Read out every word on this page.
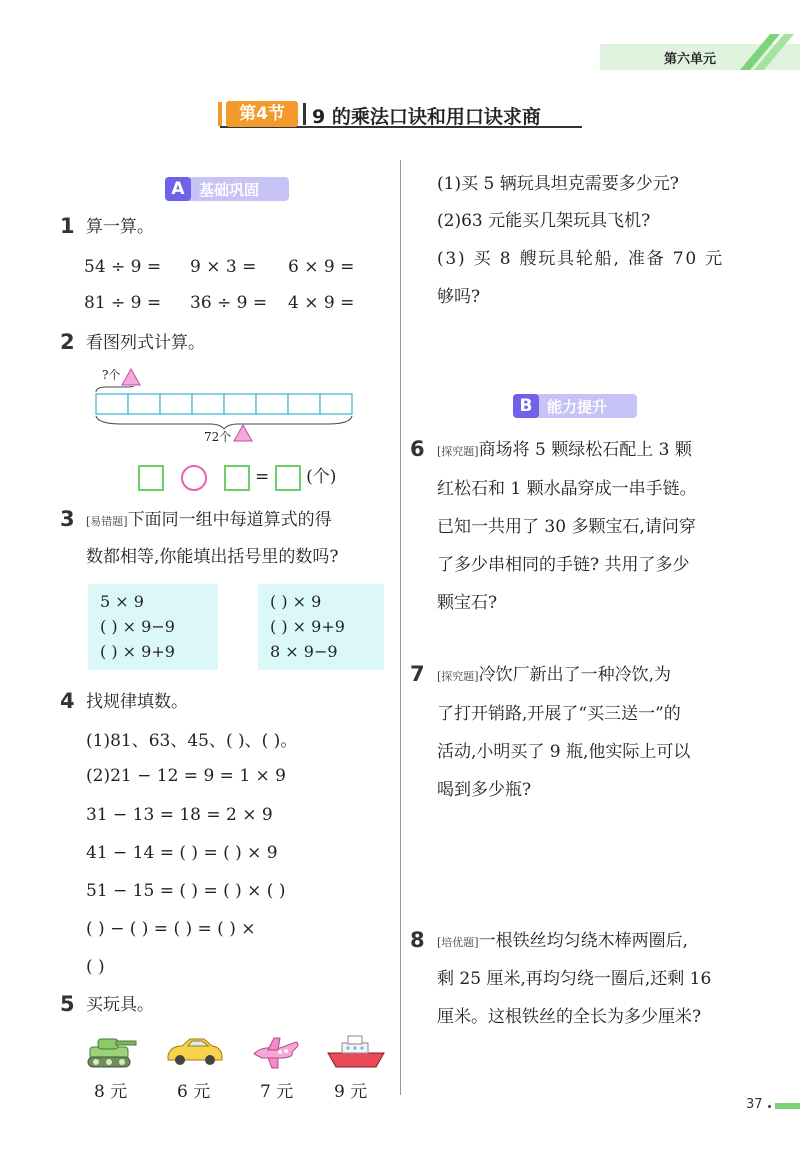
第六单元
第4节	9 的乘法口诀和用口诀求商
A 基础巩固
1 算一算。
54 ÷ 9 = 9 × 3 = 6 × 9 =
81 ÷ 9 = 36 ÷ 9 = 4 × 9 =
2 看图列式计算。
?个
72个
=  (个)
3 [易错题]下面同一组中每道算式的得
数都相等,你能填出括号里的数吗?
5 × 9
( ) × 9−9
( ) × 9+9
( ) × 9
( ) × 9+9
8 × 9−9
4 找规律填数。
(1)81、63、45、( )、( )。
(2)21 − 12 = 9 = 1 × 9
31 − 13 = 18 = 2 × 9
41 − 14 = ( ) = ( ) × 9
51 − 15 = ( ) = ( ) × ( )
( ) − ( ) = ( ) = ( ) ×
( )
5 买玩具。
8 元	6 元	7 元 9 元
(1)买 5 辆玩具坦克需要多少元?
(2)63 元能买几架玩具飞机?
(3) 买 8 艘玩具轮船, 准备 70 元
够吗?
B 能力提升
6 [探究题]商场将 5 颗绿松石配上 3 颗
红松石和 1 颗水晶穿成一串手链。
已知一共用了 30 多颗宝石,请问穿
了多少串相同的手链? 共用了多少
颗宝石?
7 [探究题]冷饮厂新出了一种冷饮,为
了打开销路,开展了“买三送一”的
活动,小明买了 9 瓶,他实际上可以
喝到多少瓶?
8 [培优题]一根铁丝均匀绕木棒两圈后,
剩 25 厘米,再均匀绕一圈后,还剩 16
厘米。这根铁丝的全长为多少厘米?
37
